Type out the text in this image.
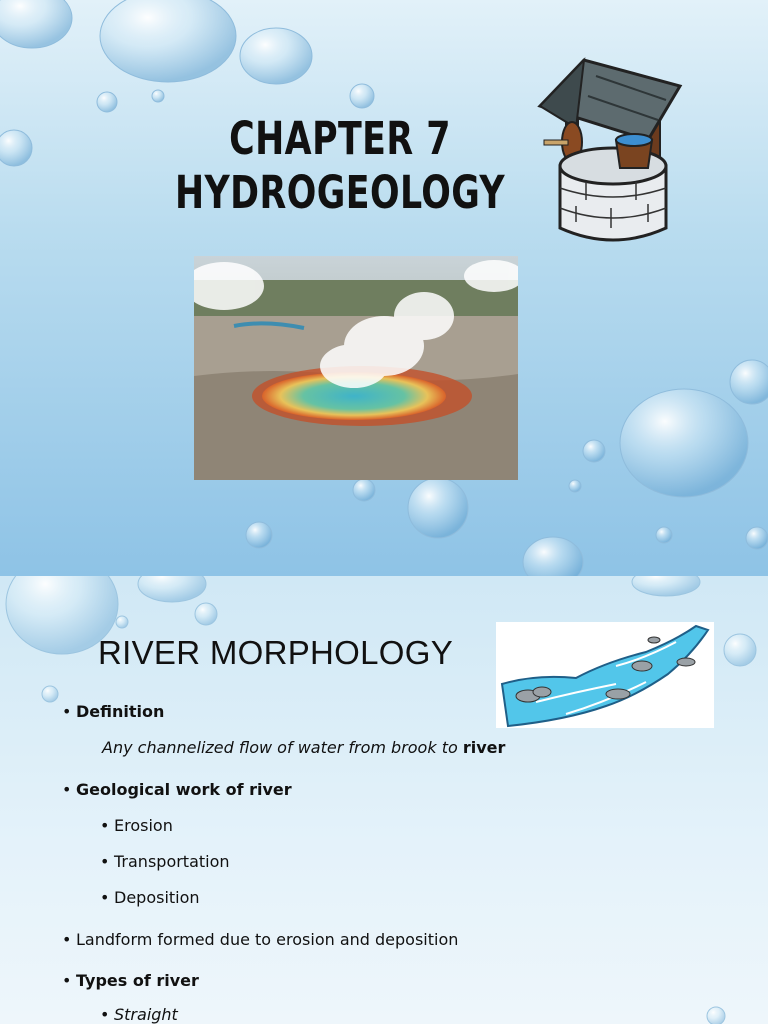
CHAPTER 7
HYDROGEOLOGY
RIVER MORPHOLOGY
• Definition
Any channelized flow of water from brook to river
• Geological work of river
• Erosion
• Transportation
• Deposition
• Landform formed due to erosion and deposition
• Types of river
• Straight
